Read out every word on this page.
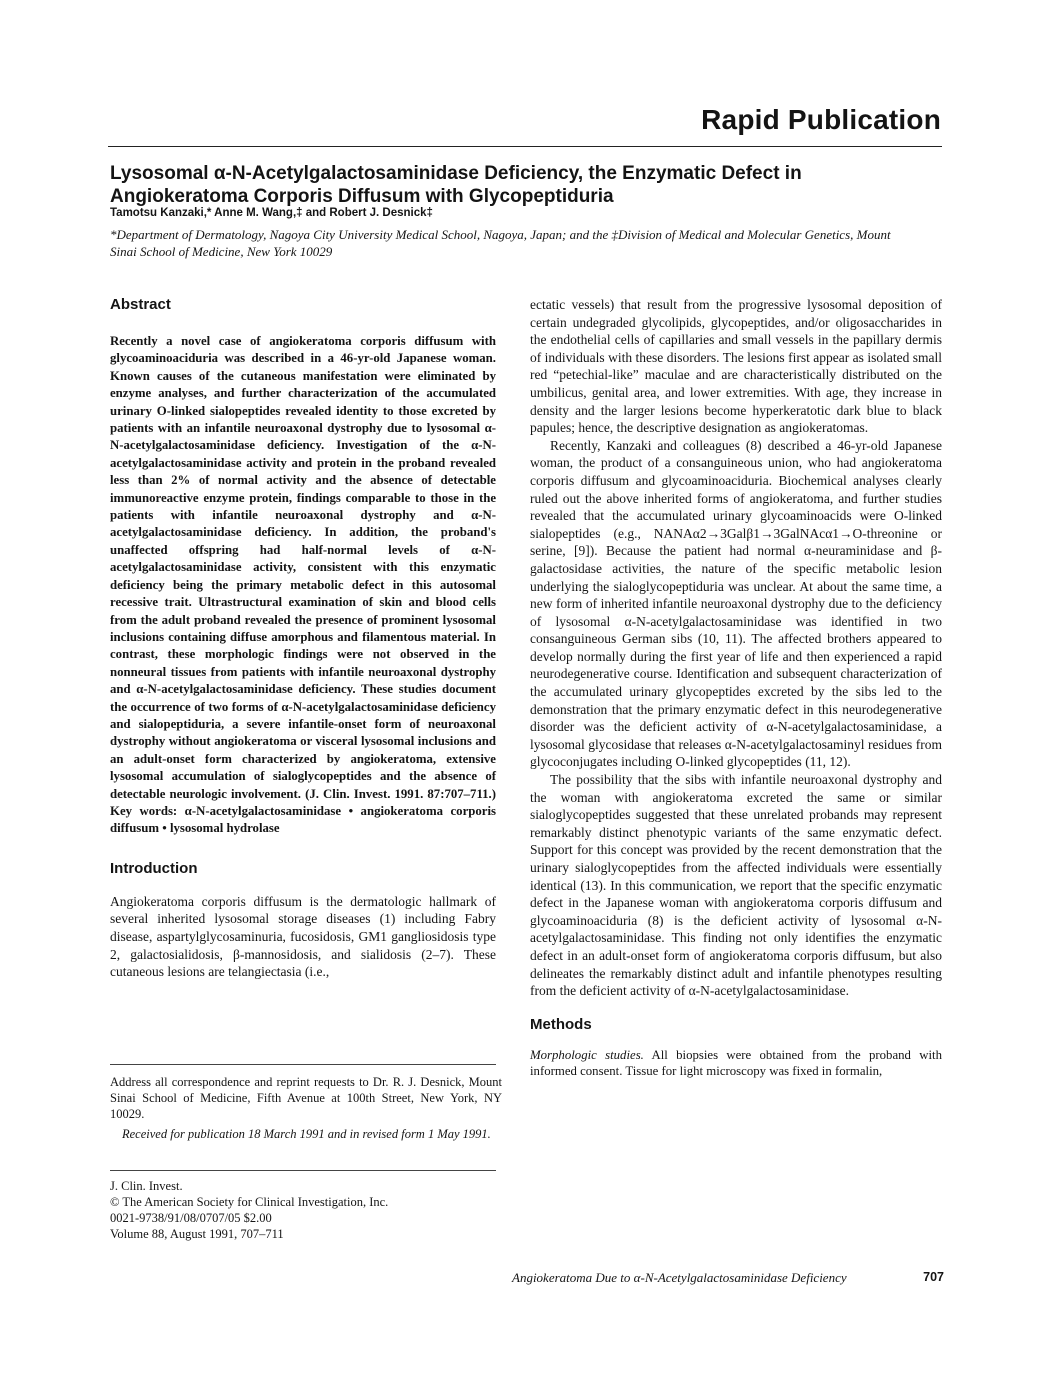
Rapid Publication
Lysosomal α-N-Acetylgalactosaminidase Deficiency, the Enzymatic Defect in Angiokeratoma Corporis Diffusum with Glycopeptiduria
Tamotsu Kanzaki,* Anne M. Wang,‡ and Robert J. Desnick‡
*Department of Dermatology, Nagoya City University Medical School, Nagoya, Japan; and the ‡Division of Medical and Molecular Genetics, Mount Sinai School of Medicine, New York 10029
Abstract

Recently a novel case of angiokeratoma corporis diffusum with glycoaminoaciduria was described in a 46-yr-old Japanese woman. Known causes of the cutaneous manifestation were eliminated by enzyme analyses, and further characterization of the accumulated urinary O-linked sialopeptides revealed identity to those excreted by patients with an infantile neuroaxonal dystrophy due to lysosomal α-N-acetylgalactosaminidase deficiency. Investigation of the α-N-acetylgalactosaminidase activity and protein in the proband revealed less than 2% of normal activity and the absence of detectable immunoreactive enzyme protein, findings comparable to those in the patients with infantile neuroaxonal dystrophy and α-N-acetylgalactosaminidase deficiency. In addition, the proband's unaffected offspring had half-normal levels of α-N-acetylgalactosaminidase activity, consistent with this enzymatic deficiency being the primary metabolic defect in this autosomal recessive trait. Ultrastructural examination of skin and blood cells from the adult proband revealed the presence of prominent lysosomal inclusions containing diffuse amorphous and filamentous material. In contrast, these morphologic findings were not observed in the nonneural tissues from patients with infantile neuroaxonal dystrophy and α-N-acetylgalactosaminidase deficiency. These studies document the occurrence of two forms of α-N-acetylgalactosaminidase deficiency and sialopeptiduria, a severe infantile-onset form of neuroaxonal dystrophy without angiokeratoma or visceral lysosomal inclusions and an adult-onset form characterized by angiokeratoma, extensive lysosomal accumulation of sialoglycopeptides and the absence of detectable neurologic involvement. (J. Clin. Invest. 1991. 87:707–711.) Key words: α-N-acetylgalactosaminidase • angiokeratoma corporis diffusum • lysosomal hydrolase

Introduction

Angiokeratoma corporis diffusum is the dermatologic hallmark of several inherited lysosomal storage diseases (1) including Fabry disease, aspartylglycosaminuria, fucosidosis, GM1 gangliosidosis type 2, galactosialidosis, β-mannosidosis, and sialidosis (2–7). These cutaneous lesions are telangiectasia (i.e.,

Address all correspondence and reprint requests to Dr. R. J. Desnick, Mount Sinai School of Medicine, Fifth Avenue at 100th Street, New York, NY 10029.
Received for publication 18 March 1991 and in revised form 1 May 1991.
J. Clin. Invest.
© The American Society for Clinical Investigation, Inc.
0021-9738/91/08/0707/05 $2.00
Volume 88, August 1991, 707–711

ectatic vessels) that result from the progressive lysosomal deposition of certain undegraded glycolipids, glycopeptides, and/or oligosaccharides in the endothelial cells of capillaries and small vessels in the papillary dermis of individuals with these disorders. The lesions first appear as isolated small red “petechial-like” maculae and are characteristically distributed on the umbilicus, genital area, and lower extremities. With age, they increase in density and the larger lesions become hyperkeratotic dark blue to black papules; hence, the descriptive designation as angiokeratomas.

Recently, Kanzaki and colleagues (8) described a 46-yr-old Japanese woman, the product of a consanguineous union, who had angiokeratoma corporis diffusum and glycoaminoaciduria. Biochemical analyses clearly ruled out the above inherited forms of angiokeratoma, and further studies revealed that the accumulated urinary glycoaminoacids were O-linked sialopeptides (e.g., NANAα2→3Galβ1→3GalNAcα1→O-threonine or serine, [9]). Because the patient had normal α-neuraminidase and β-galactosidase activities, the nature of the specific metabolic lesion underlying the sialoglycopeptiduria was unclear. At about the same time, a new form of inherited infantile neuroaxonal dystrophy due to the deficiency of lysosomal α-N-acetylgalactosaminidase was identified in two consanguineous German sibs (10, 11). The affected brothers appeared to develop normally during the first year of life and then experienced a rapid neurodegenerative course. Identification and subsequent characterization of the accumulated urinary glycopeptides excreted by the sibs led to the demonstration that the primary enzymatic defect in this neurodegenerative disorder was the deficient activity of α-N-acetylgalactosaminidase, a lysosomal glycosidase that releases α-N-acetylgalactosaminyl residues from glycoconjugates including O-linked glycopeptides (11, 12).

The possibility that the sibs with infantile neuroaxonal dystrophy and the woman with angiokeratoma excreted the same or similar sialoglycopeptides suggested that these unrelated probands may represent remarkably distinct phenotypic variants of the same enzymatic defect. Support for this concept was provided by the recent demonstration that the urinary sialoglycopeptides from the affected individuals were essentially identical (13). In this communication, we report that the specific enzymatic defect in the Japanese woman with angiokeratoma corporis diffusum and glycoaminoaciduria (8) is the deficient activity of lysosomal α-N-acetylgalactosaminidase. This finding not only identifies the enzymatic defect in an adult-onset form of angiokeratoma corporis diffusum, but also delineates the remarkably distinct adult and infantile phenotypes resulting from the deficient activity of α-N-acetylgalactosaminidase.

Methods

Morphologic studies. All biopsies were obtained from the proband with informed consent. Tissue for light microscopy was fixed in formalin,

Angiokeratoma Due to α-N-Acetylgalactosaminidase Deficiency	707
